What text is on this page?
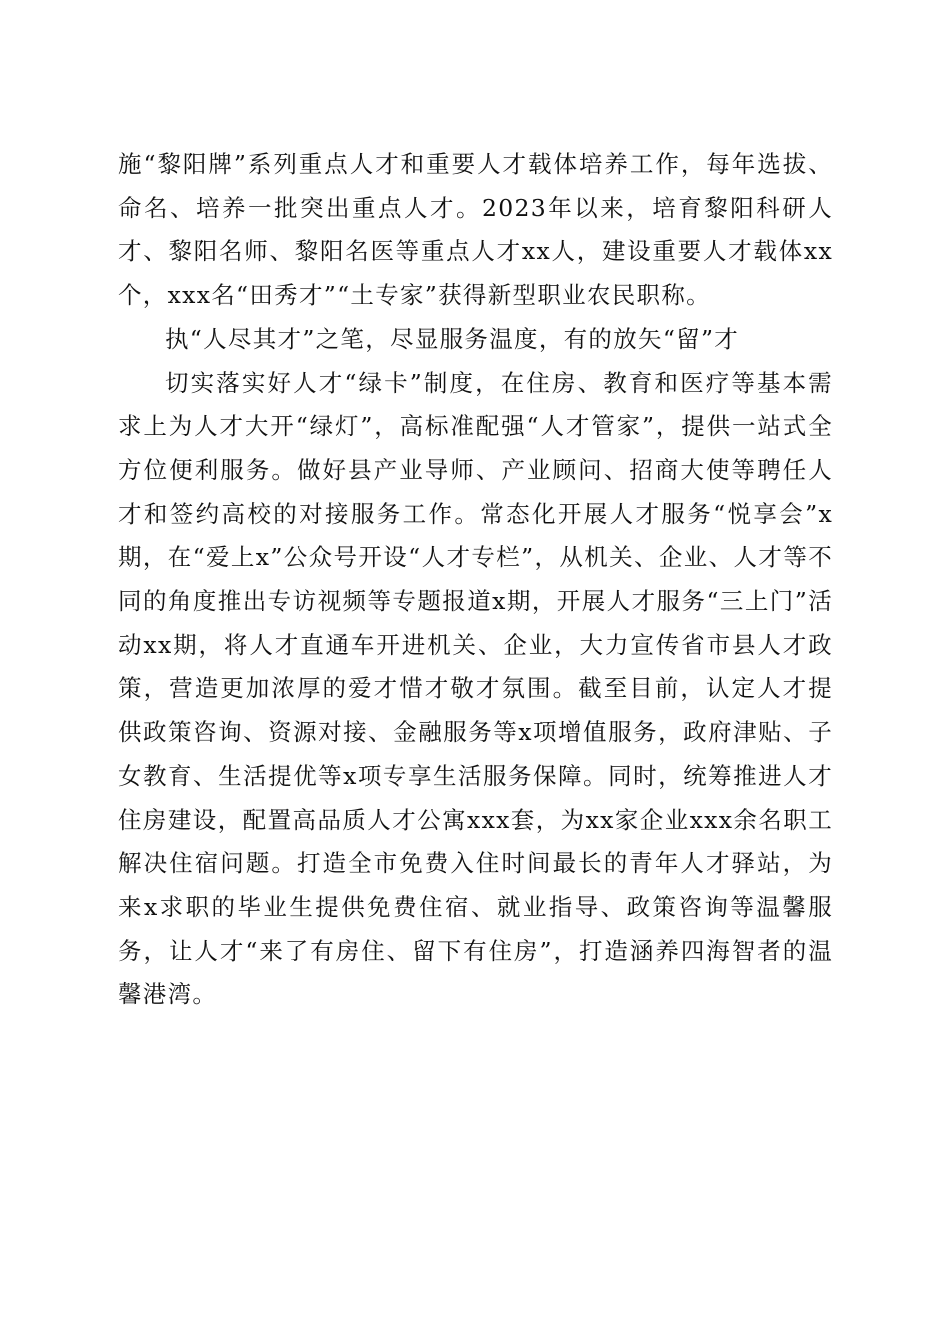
施“黎阳牌”系列重点人才和重要人才载体培养工作，每年选拔、命名、培养一批突出重点人才。2023年以来，培育黎阳科研人才、黎阳名师、黎阳名医等重点人才xx人，建设重要人才载体xx个，xxx名“田秀才”“土专家”获得新型职业农民职称。

执“人尽其才”之笔，尽显服务温度，有的放矢“留”才

切实落实好人才“绿卡”制度，在住房、教育和医疗等基本需求上为人才大开“绿灯”，高标准配强“人才管家”，提供一站式全方位便利服务。做好县产业导师、产业顾问、招商大使等聘任人才和签约高校的对接服务工作。常态化开展人才服务“悦享会”x期，在“爱上x”公众号开设“人才专栏”，从机关、企业、人才等不同的角度推出专访视频等专题报道x期，开展人才服务“三上门”活动xx期，将人才直通车开进机关、企业，大力宣传省市县人才政策，营造更加浓厚的爱才惜才敬才氛围。截至目前，认定人才提供政策咨询、资源对接、金融服务等x项增值服务，政府津贴、子女教育、生活提优等x项专享生活服务保障。同时，统筹推进人才住房建设，配置高品质人才公寓xxx套，为xx家企业xxx余名职工解决住宿问题。打造全市免费入住时间最长的青年人才驿站，为来x求职的毕业生提供免费住宿、就业指导、政策咨询等温馨服务，让人才“来了有房住、留下有住房”，打造涵养四海智者的温馨港湾。
